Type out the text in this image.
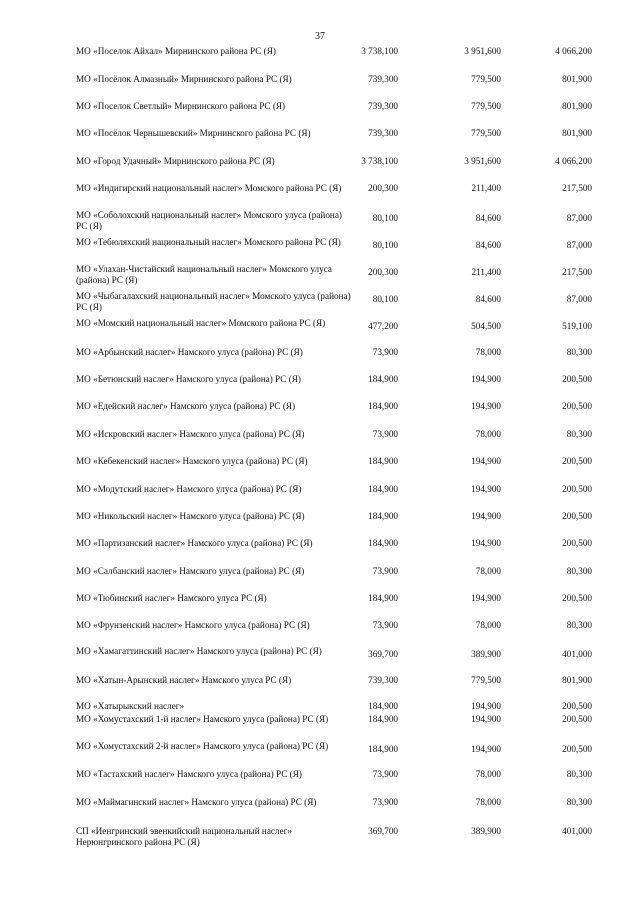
37
МО «Поселок Айхал» Мирнинского района РС (Я)	3 738,100	3 951,600	4 066,200
МО «Посёлок Алмазный» Мирнинского района РС (Я)	739,300	779,500	801,900
МО «Поселок Светлый» Мирнинского района РС (Я)	739,300	779,500	801,900
МО «Посёлок Чернышевский» Мирнинского района РС (Я)	739,300	779,500	801,900
МО «Город Удачный» Мирнинского района РС (Я)	3 738,100	3 951,600	4 066,200
МО «Индигирский национальный наслег» Момского района РС (Я)	200,300	211,400	217,500
МО «Соболохский национальный наслег» Момского улуса (района) РС (Я)
80,100	84,600	87,000
МО «Тебюляхский национальный наслег» Момского района РС (Я)	80,100	84,600	87,000
МО «Улахан-Чистайский национальный наслег» Момского улуса (района) РС (Я)
200,300	211,400	217,500
МО «Чыбагалахский национальный наслег» Момского улуса (района) РС (Я)
80,100	84,600	87,000
МО «Момский национальный наслег» Момского района РС (Я)	477,200	504,500	519,100
МО «Арбынский наслег» Намского улуса (района) РС (Я)	73,900	78,000	80,300
МО «Бетюнский наслег» Намского улуса (района) РС (Я)	184,900	194,900	200,500
МО «Едейский наслег» Намского улуса (района) РС (Я)	184,900	194,900	200,500
МО «Искровский наслег» Намского улуса (района) РС (Я)	73,900	78,000	80,300
МО «Кебекенский наслег» Намского улуса (района) РС (Я)	184,900	194,900	200,500
МО «Модутский наслег» Намского улуса (района) РС (Я)	184,900	194,900	200,500
МО «Никольский наслег» Намского улуса (района) РС (Я)	184,900	194,900	200,500
МО «Партизанский наслег» Намского улуса (района) РС (Я)	184,900	194,900	200,500
МО «Салбанский наслег» Намского улуса (района) РС (Я)	73,900	78,000	80,300
МО «Тюбинский наслег» Намского улуса РС (Я)	184,900	194,900	200,500
МО «Фрунзенский наслег» Намского улуса (района) РС (Я)	73,900	78,000	80,300
МО «Хамагаттинский наслег» Намского улуса (района) РС (Я)	369,700	389,900	401,000
МО «Хатын-Арынский наслег» Намского улуса РС (Я)	739,300	779,500	801,900
МО «Хатырыкский наслег»	184,900	194,900	200,500
МО «Хомустахский 1-й наслег» Намского улуса (района) РС (Я)	184,900	194,900	200,500
МО «Хомустахский 2-й наслег» Намского улуса (района) РС (Я)	184,900	194,900	200,500
МО «Тастахский наслег» Намского улуса (района) РС (Я)	73,900	78,000	80,300
МО «Маймагинский наслег» Намского улуса (района) РС (Я)	73,900	78,000	80,300
СП «Иенгринский эвенкийский национальный наслег» Нерюнгринского района РС (Я)
369,700	389,900	401,000
